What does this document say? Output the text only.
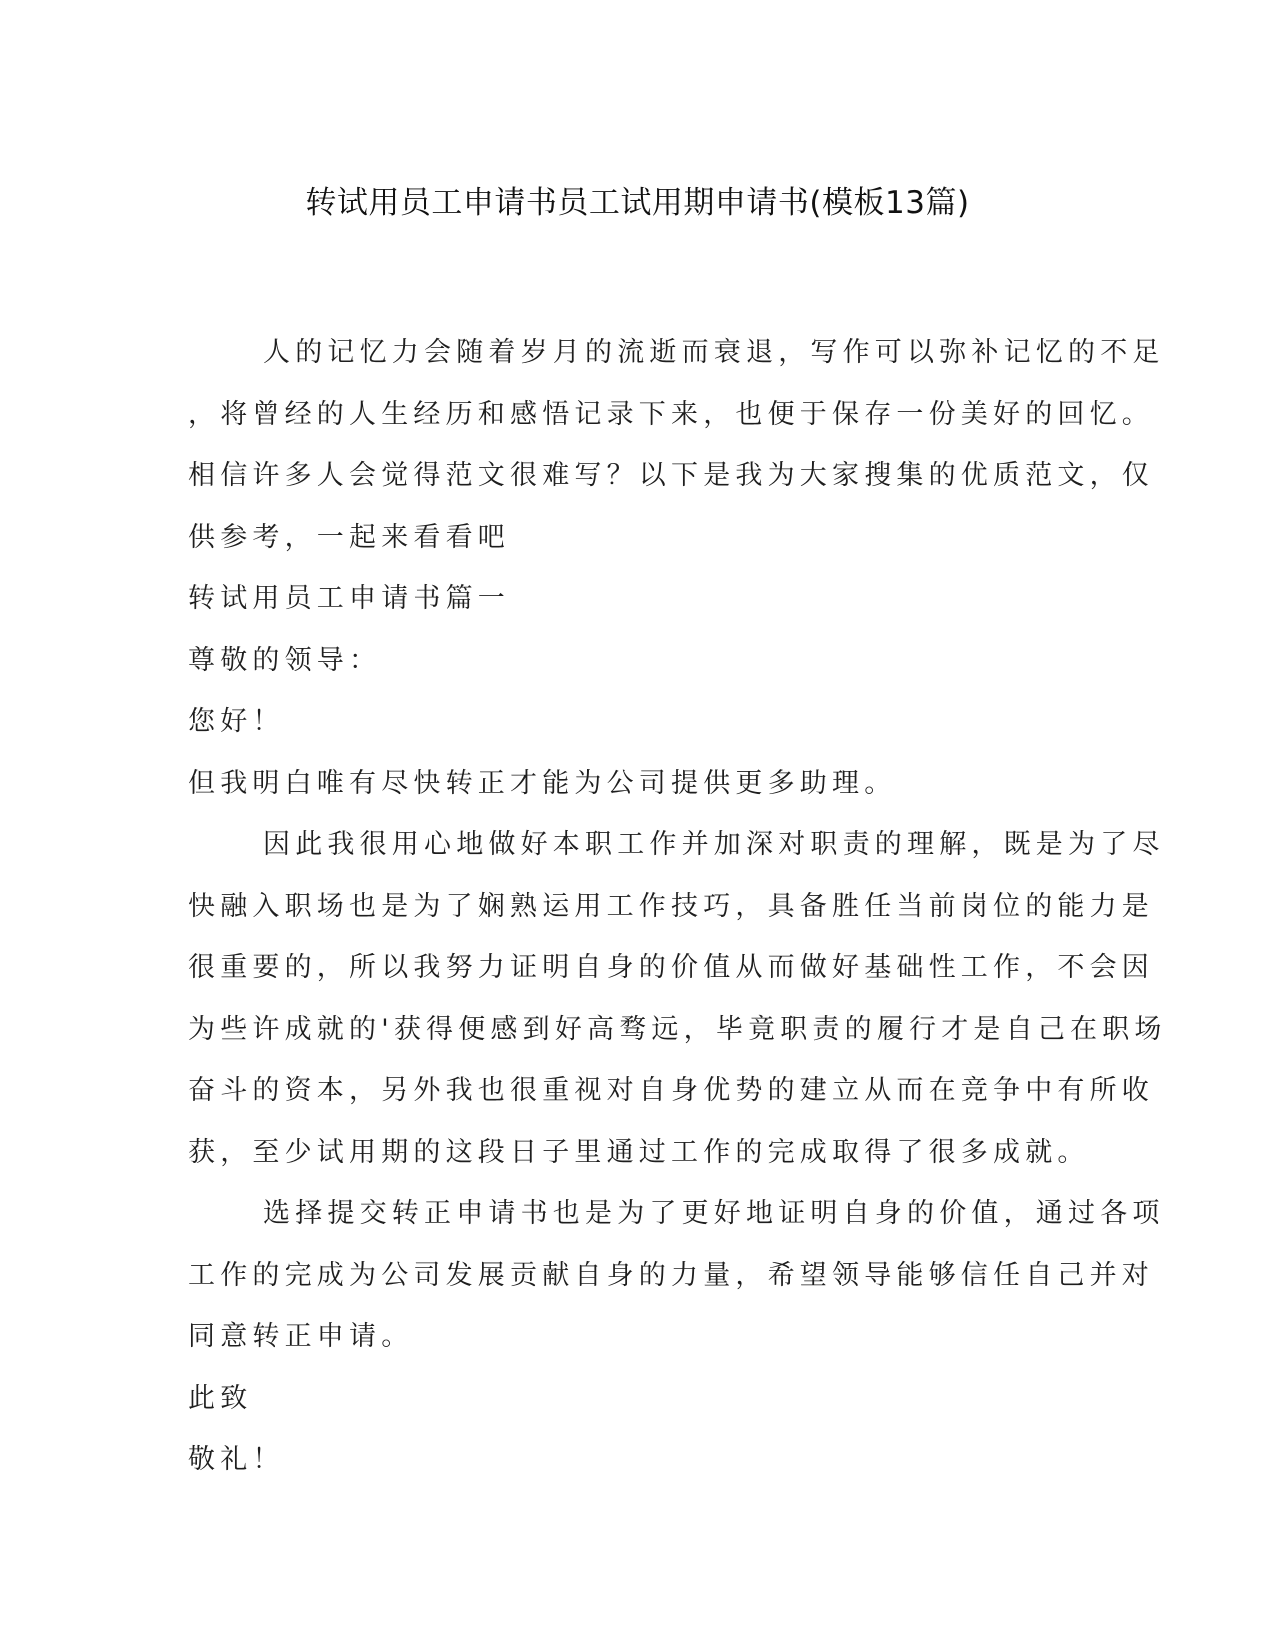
转试用员工申请书员工试用期申请书(模板13篇)

人的记忆力会随着岁月的流逝而衰退，写作可以弥补记忆的不足
，将曾经的人生经历和感悟记录下来，也便于保存一份美好的回忆。
相信许多人会觉得范文很难写？以下是我为大家搜集的优质范文，仅
供参考，一起来看看吧

转试用员工申请书篇一

尊敬的领导：

您好！

但我明白唯有尽快转正才能为公司提供更多助理。

因此我很用心地做好本职工作并加深对职责的理解，既是为了尽
快融入职场也是为了娴熟运用工作技巧，具备胜任当前岗位的能力是
很重要的，所以我努力证明自身的价值从而做好基础性工作，不会因
为些许成就的'获得便感到好高骛远，毕竟职责的履行才是自己在职场
奋斗的资本，另外我也很重视对自身优势的建立从而在竞争中有所收
获，至少试用期的这段日子里通过工作的完成取得了很多成就。

选择提交转正申请书也是为了更好地证明自身的价值，通过各项
工作的完成为公司发展贡献自身的力量，希望领导能够信任自己并对
同意转正申请。

此致

敬礼！
